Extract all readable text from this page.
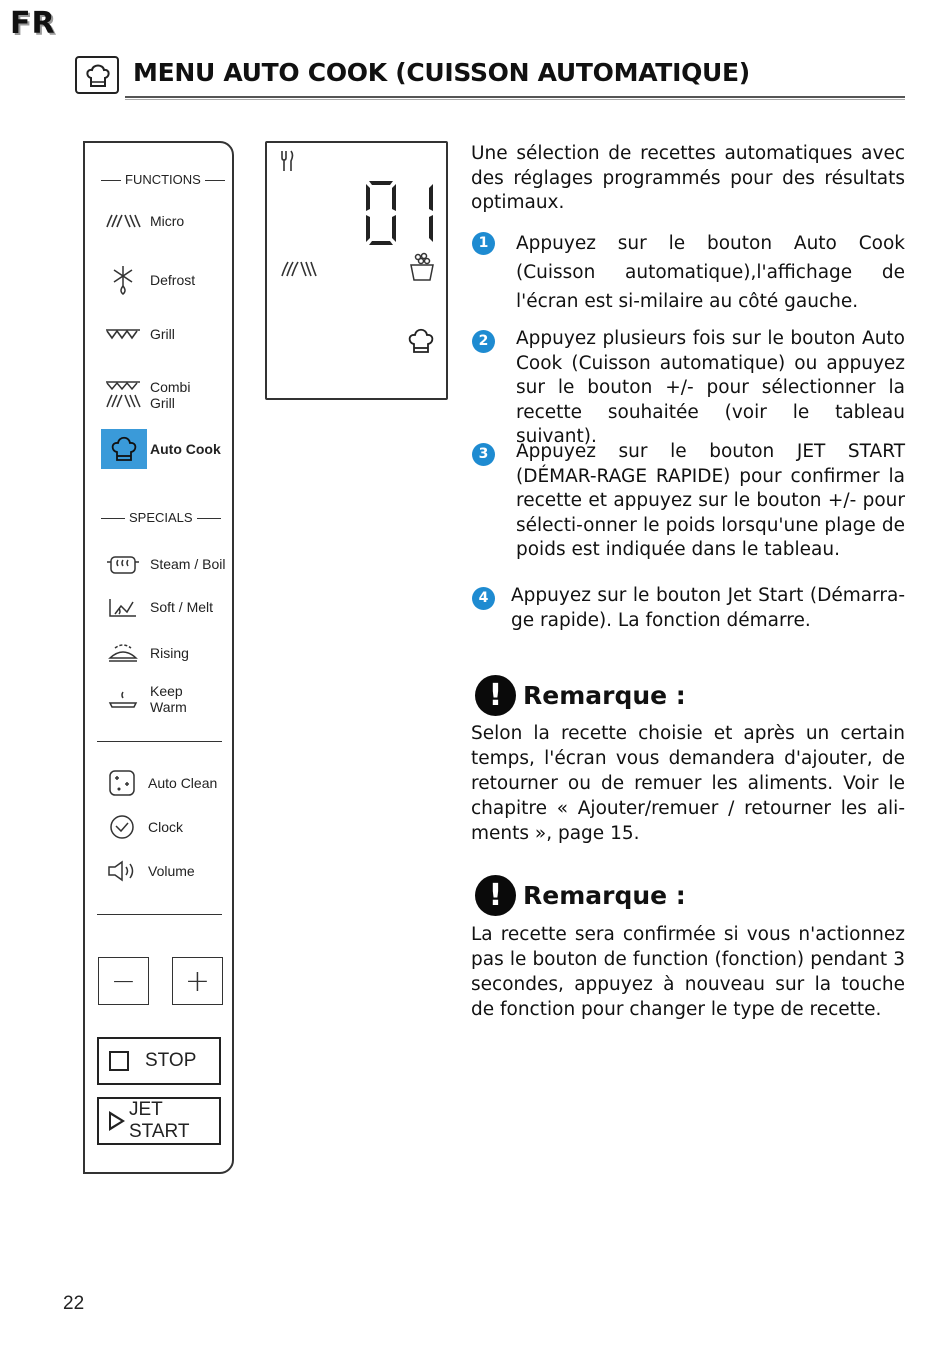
FR
MENU AUTO COOK (CUISSON AUTOMATIQUE)
FUNCTIONS
Micro
Defrost
Grill
Combi
Grill
Auto Cook
SPECIALS
Steam / Boil
Soft / Melt
Rising
Keep
Warm
Auto Clean
Clock
Volume
−	+
STOP
JET START
Une sélection de recettes automatiques avec des réglages programmés pour des résultats optimaux.
1	Appuyez sur le bouton Auto Cook (Cuisson automatique),l'affichage de l'écran est si-milaire au côté gauche.
2	Appuyez plusieurs fois sur le bouton Auto Cook (Cuisson automatique) ou appuyez sur le bouton +/- pour sélectionner la recette souhaitée (voir le tableau suivant).
3	Appuyez sur le bouton JET START (DÉMAR-RAGE RAPIDE) pour confirmer la recette et appuyez sur le bouton +/- pour sélecti-onner le poids lorsqu'une plage de poids est indiquée dans le tableau.
4	Appuyez sur le bouton Jet Start (Démarra-ge rapide). La fonction démarre.
! Remarque :
Selon la recette choisie et après un certain temps, l'écran vous demandera d'ajouter, de retourner ou de remuer les aliments. Voir le chapitre « Ajouter/remuer / retourner les ali-ments », page 15.
! Remarque :
La recette sera confirmée si vous n'actionnez pas le bouton de function (fonction) pendant 3 secondes, appuyez à nouveau sur la touche de fonction pour changer le type de recette.
22
